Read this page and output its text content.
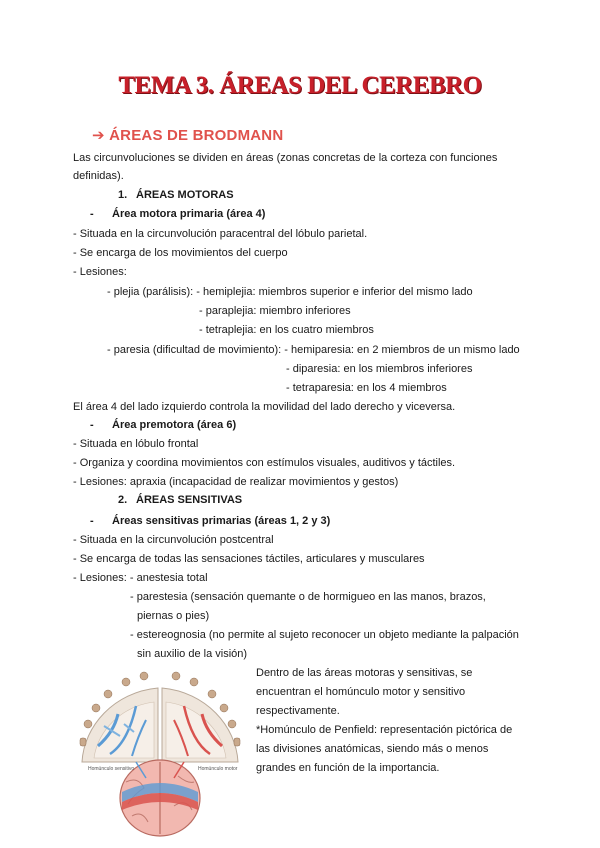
TEMA 3. ÁREAS DEL CEREBRO
➔ ÁREAS DE BRODMANN
Las circunvoluciones se dividen en áreas (zonas concretas de la corteza con funciones
definidas).
1. ÁREAS MOTORAS
- Área motora primaria (área 4)
- Situada en la circunvolución paracentral del lóbulo parietal.
- Se encarga de los movimientos del cuerpo
- Lesiones:
- plejia (parálisis): - hemiplejia: miembros superior e inferior del mismo lado
- paraplejia: miembro inferiores
- tetraplejia: en los cuatro miembros
- paresia (dificultad de movimiento): - hemiparesia: en 2 miembros de un mismo lado
- diparesia: en los miembros inferiores
- tetraparesia: en los 4 miembros
El área 4 del lado izquierdo controla la movilidad del lado derecho y viceversa.
- Área premotora (área 6)
- Situada en lóbulo frontal
- Organiza y coordina movimientos con estímulos visuales, auditivos y táctiles.
- Lesiones: apraxia (incapacidad de realizar movimientos y gestos)
2. ÁREAS SENSITIVAS
- Áreas sensitivas primarias (áreas 1, 2 y 3)
- Situada en la circunvolución postcentral
- Se encarga de todas las sensaciones táctiles, articulares y musculares
- Lesiones: - anestesia total
- parestesia (sensación quemante o de hormigueo en las manos, brazos,
piernas o pies)
- estereognosia (no permite al sujeto reconocer un objeto mediante la palpación
sin auxilio de la visión)
Dentro de las áreas motoras y sensitivas, se
encuentran el homúnculo motor y sensitivo
respectivamente.
*Homúnculo de Penfield: representación pictórica de
las divisiones anatómicas, siendo más o menos
grandes en función de la importancia.
Homúnculo sensitivo	Homúnculo motor
